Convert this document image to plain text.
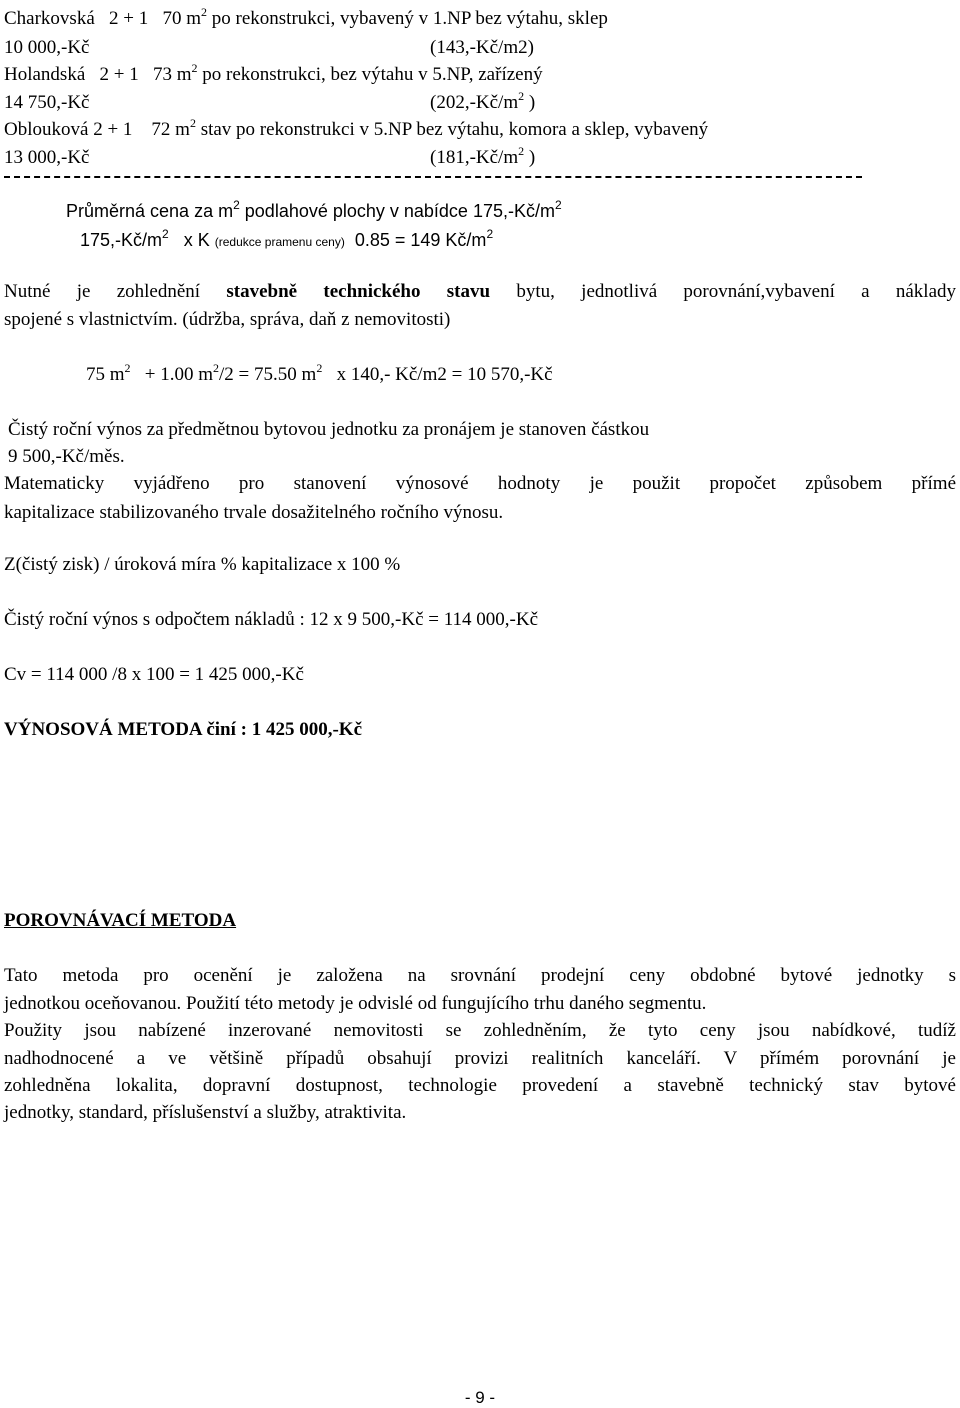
Charkovská 2 + 1 70 $m^2$ po rekonstrukci, vybavený v 1.NP bez výtahu, sklep
10 000,-Kč	(143,-Kč/m2)
Holandská 2 + 1 73 $m^2$ po rekonstrukci, bez výtahu v 5.NP, zařízený
14 750,-Kč	($202,-Kč/m^2$ )
Oblouková 2 + 1 72 $m^2$ stav po rekonstrukci v 5.NP bez výtahu, komora a sklep, vybavený
13 000,-Kč	($181,-Kč/m^2$ )
Průměrná cena za $m^2$ podlahové plochy v nabídce $175,-Kč/m^2$
$175,-Kč/m^2$ x K (redukce pramenu ceny) 0.85 = 149 $Kč/m^2$
Nutné je zohlednění stavebně technického stavu bytu, jednotlivá porovnání,vybavení a náklady
spojené s vlastnictvím. (údržba, správa, daň z nemovitosti)
75 $m^2 + 1.00$ $m^2/2 = 75.50$ $m^2$ x 140,- Kč/m2 = 10 570,-Kč
Čistý roční výnos za předmětnou bytovou jednotku za pronájem je stanoven částkou
9 500,-Kč/měs.
Matematicky vyjádřeno pro stanovení výnosové hodnoty je použit propočet způsobem přímé
kapitalizace stabilizovaného trvale dosažitelného ročního výnosu.
Z(čistý zisk) / úroková míra % kapitalizace x 100 %
Čistý roční výnos s odpočtem nákladů : 12 x 9 500,-Kč = 114 000,-Kč
Cv = 114 000 /8 x 100 = 1 425 000,-Kč
VÝNOSOVÁ METODA činí : 1 425 000,-Kč
POROVNÁVACÍ METODA
Tato metoda pro ocenění je založena na srovnání prodejní ceny obdobné bytové jednotky s
jednotkou oceňovanou. Použití této metody je odvislé od fungujícího trhu daného segmentu.
Použity jsou nabízené inzerované nemovitosti se zohledněním, že tyto ceny jsou nabídkové, tudíž
nadhodnocené a ve většině případů obsahují provizi realitních kanceláří. V přímém porovnání je
zohledněna lokalita, dopravní dostupnost, technologie provedení a stavebně technický stav bytové
jednotky, standard, příslušenství a služby, atraktivita.
- 9 -
